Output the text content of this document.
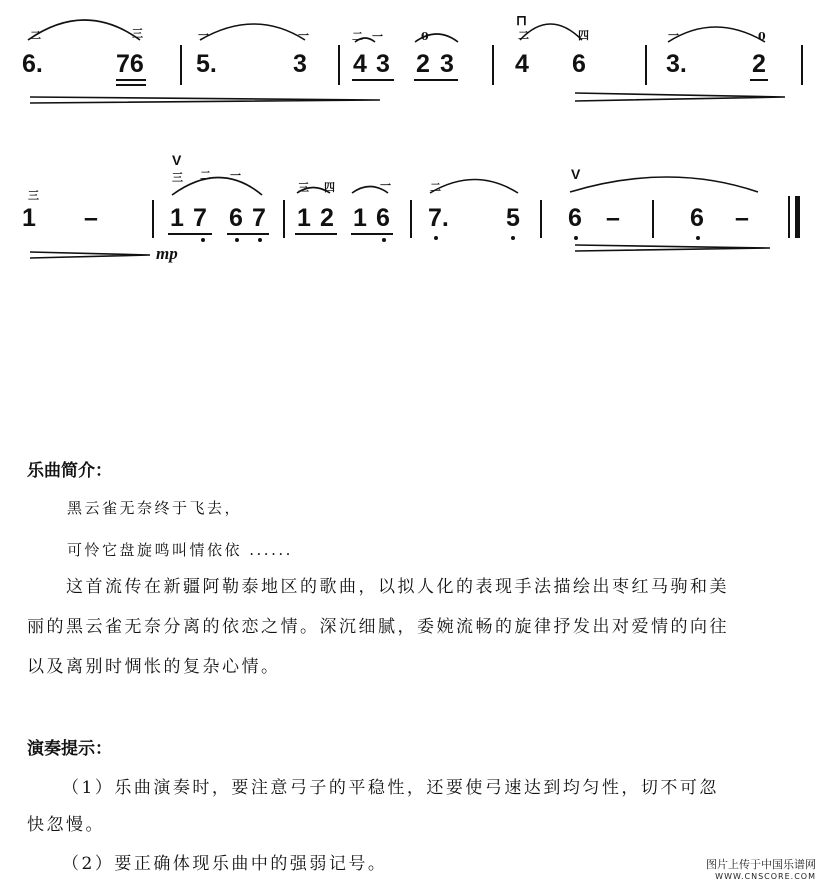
二	三	一	一	二 一	0	二	四	一	0
⊓
6.	76 5.	3 4 3 2 3 4 6	3.	2
V
V
三
三 二 一
三 四	一	二
1 –	1 7 6 7 1 2 1 6 7. 5 6 –	6 –
mp
乐曲简介：
黑云雀无奈终于飞去，
可怜它盘旋鸣叫情依依 ......
这首流传在新疆阿勒泰地区的歌曲，以拟人化的表现手法描绘出枣红马驹和美
丽的黑云雀无奈分离的依恋之情。深沉细腻，委婉流畅的旋律抒发出对爱情的向往
以及离别时惆怅的复杂心情。
演奏提示：
（1）乐曲演奏时，要注意弓子的平稳性，还要使弓速达到均匀性，切不可忽
快忽慢。
（2）要正确体现乐曲中的强弱记号。	图片上传于中国乐谱网
WWW.CNSCORE.COM
